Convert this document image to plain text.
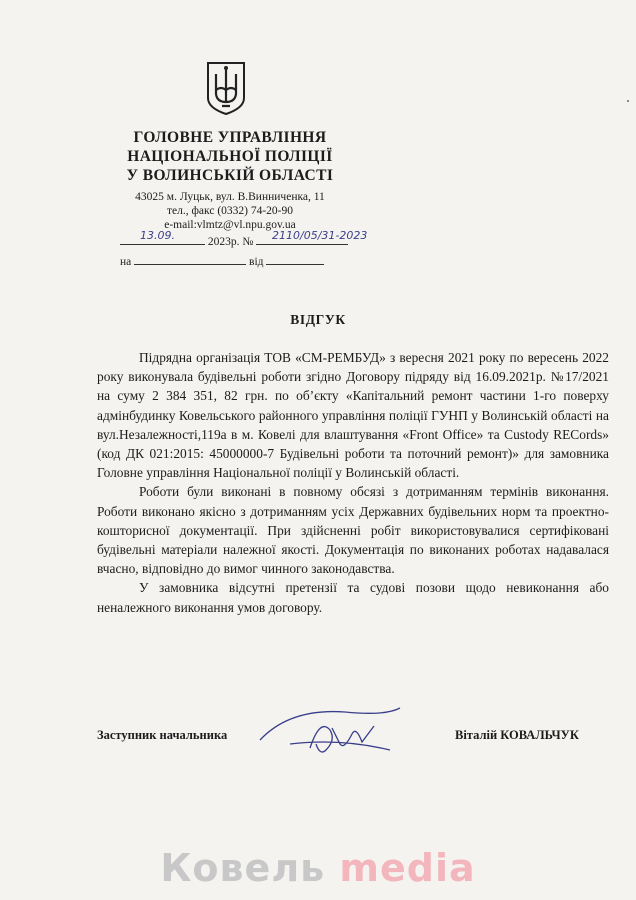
ГОЛОВНЕ УПРАВЛІННЯ
НАЦІОНАЛЬНОЇ ПОЛІЦІЇ
У ВОЛИНСЬКІЙ ОБЛАСТІ
43025 м. Луцьк, вул. В.Винниченка, 11
тел., факс (0332) 74-20-90
e-mail:vlmtz@vl.npu.gov.ua

13.09.	2023р. № 2110/05/31-2023
на	від
ВІДГУК

Підрядна організація ТОВ «СМ-РЕМБУД» з вересня 2021 року по вересень 2022 року виконувала будівельні роботи згідно Договору підряду від 16.09.2021р. №17/2021 на суму 2 384 351, 82 грн. по об’єкту «Капітальний ремонт частини 1-го поверху адмінбудинку Ковельського районного управління поліції ГУНП у Волинській області на вул.Незалежності,119а в м. Ковелі для влаштування «Front Office» та Custody RECords» (код ДК 021:2015: 45000000-7 Будівельні роботи та поточний ремонт)» для замовника Головне управління Національної поліції у Волинській області.

Роботи були виконані в повному обсязі з дотриманням термінів виконання. Роботи виконано якісно з дотриманням усіх Державних будівельних норм та проектно-кошторисної документації. При здійсненні робіт використовувалися сертифіковані будівельні матеріали належної якості. Документація по виконаних роботах надавалася вчасно, відповідно до вимог чинного законодавства.

У замовника відсутні претензії та судові позови щодо невиконання або неналежного виконання умов договору.

Заступник начальника	Віталій КОВАЛЬЧУК
Ковель media
